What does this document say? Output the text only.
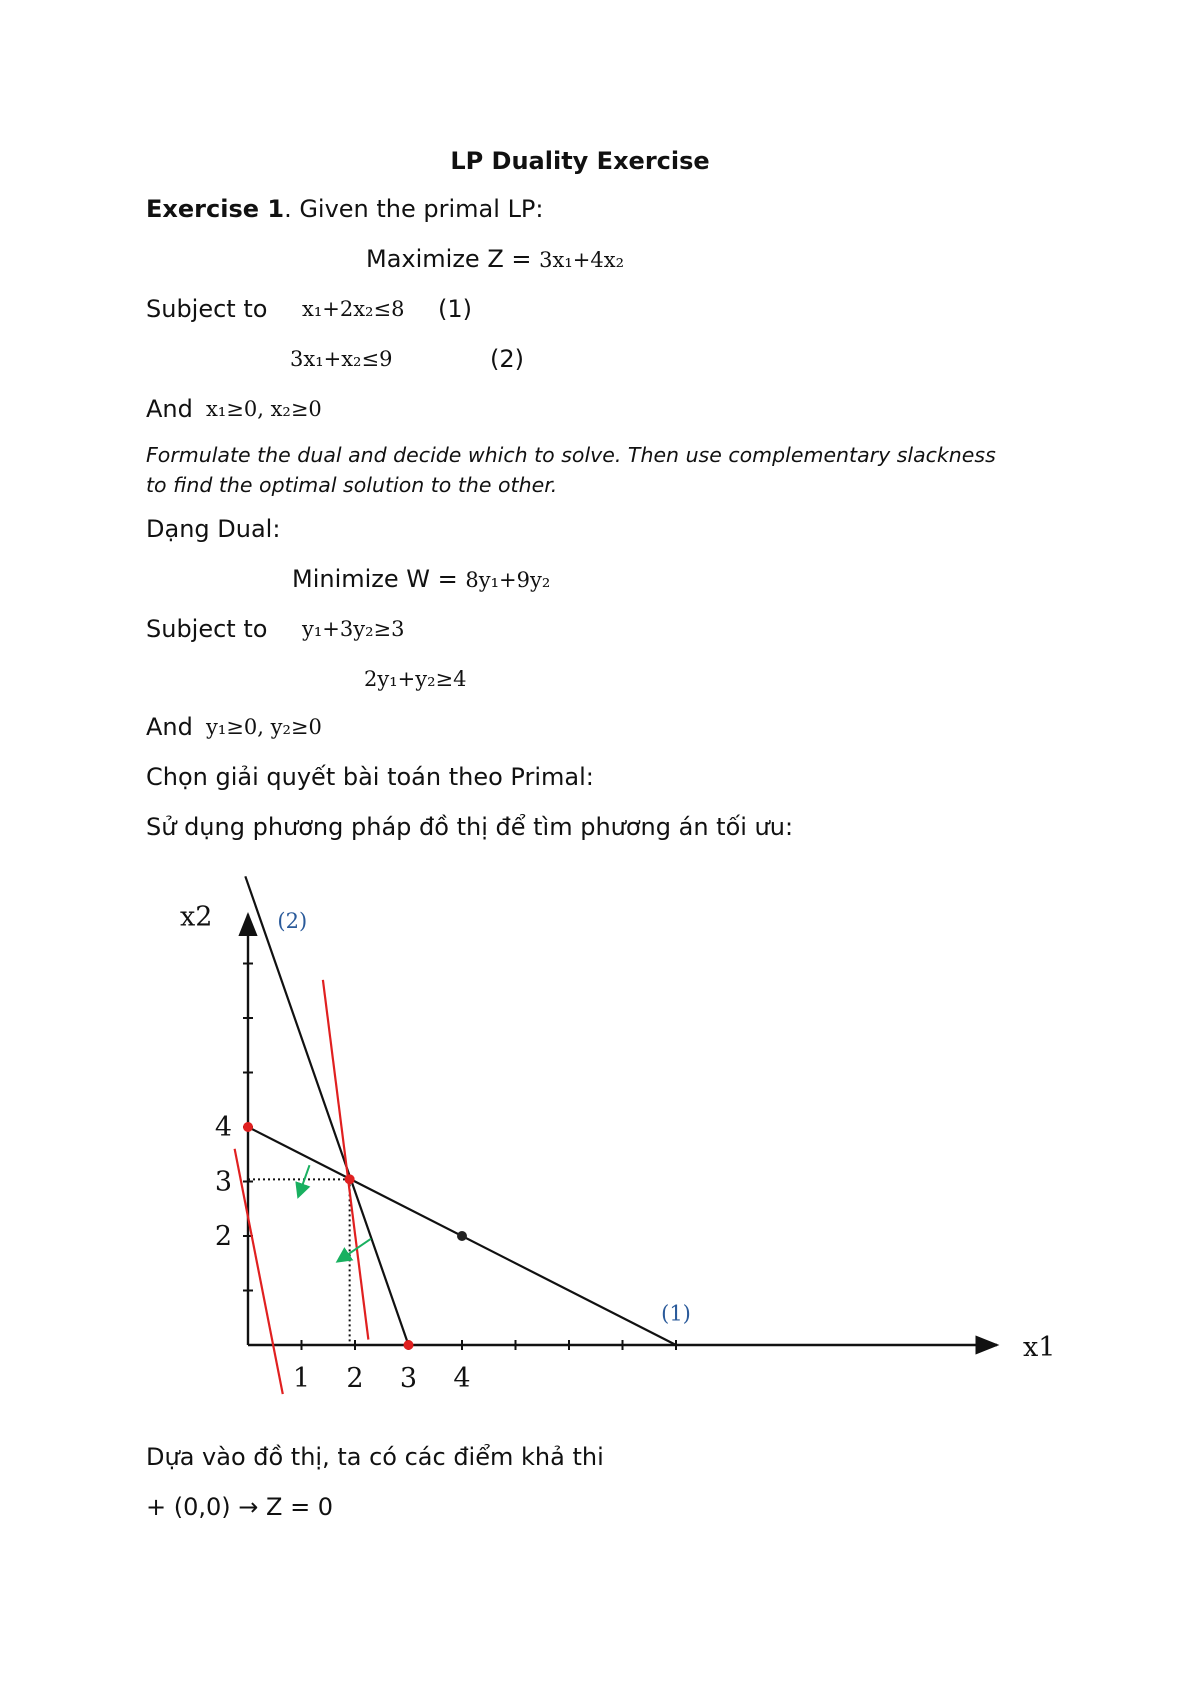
LP Duality Exercise
Exercise 1. Given the primal LP:
Maximize Z = 3x₁+4x₂
Subject to x₁+2x₂≤8 (1)
3x₁+x₂≤9	(2)
And x₁≥0, x₂≥0
Formulate the dual and decide which to solve. Then use complementary slackness to find the optimal solution to the other.
Dạng Dual:
Minimize W = 8y₁+9y₂
Subject to y₁+3y₂≥3
2y₁+y₂≥4
And y₁≥0, y₂≥0
Chọn giải quyết bài toán theo Primal:
Sử dụng phương pháp đồ thị để tìm phương án tối ưu:
1 2 3 4
2
3
4
x1
x2
(1)
(2)
Dựa vào đồ thị, ta có các điểm khả thi
+ (0,0) → Z = 0
